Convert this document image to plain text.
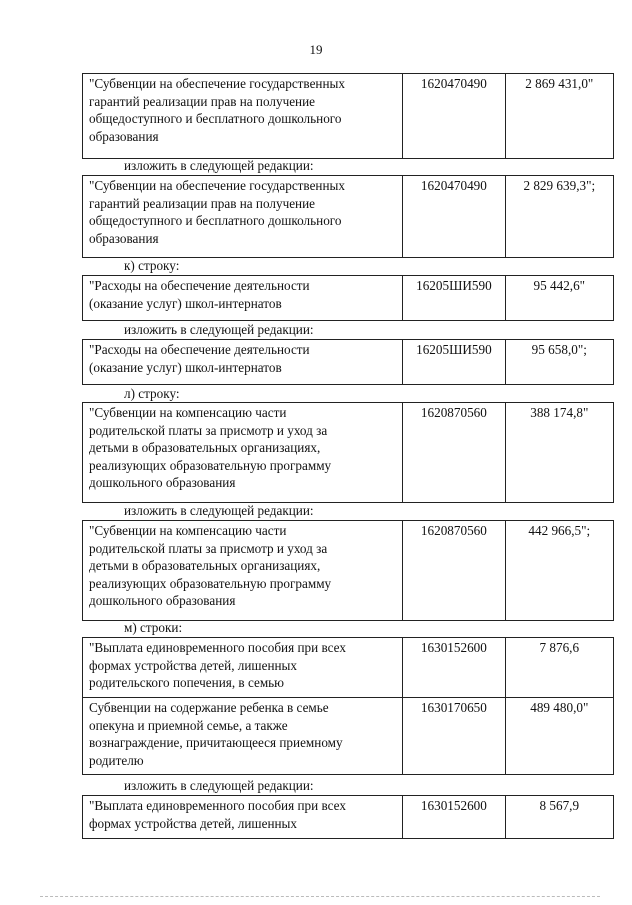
19
"Субвенции на обеспечение государственных
гарантий реализации прав на получение
общедоступного и бесплатного дошкольного
образования
	1620470490	2 869 431,0"
изложить в следующей редакции:
"Субвенции на обеспечение государственных
гарантий реализации прав на получение
общедоступного и бесплатного дошкольного
образования
	1620470490	2 829 639,3";
к) строку:
"Расходы на обеспечение деятельности
(оказание услуг) школ-интернатов
	16205ШИ590	95 442,6"
изложить в следующей редакции:
"Расходы на обеспечение деятельности
(оказание услуг) школ-интернатов
	16205ШИ590	95 658,0";
л) строку:
"Субвенции на компенсацию части
родительской платы за присмотр и уход за
детьми в образовательных организациях,
реализующих образовательную программу
дошкольного образования
	1620870560	388 174,8"
изложить в следующей редакции:
"Субвенции на компенсацию части
родительской платы за присмотр и уход за
детьми в образовательных организациях,
реализующих образовательную программу
дошкольного образования
	1620870560	442 966,5";
м) строки:
"Выплата единовременного пособия при всех
формах устройства детей, лишенных
родительского попечения, в семью	1630152600	7 876,6

Субвенции на содержание ребенка в семье
опекуна и приемной семье, а также
вознаграждение, причитающееся приемному
родителю	1630170650	489 480,0"
изложить в следующей редакции:
"Выплата единовременного пособия при всех
формах устройства детей, лишенных
	1630152600	8 567,9
